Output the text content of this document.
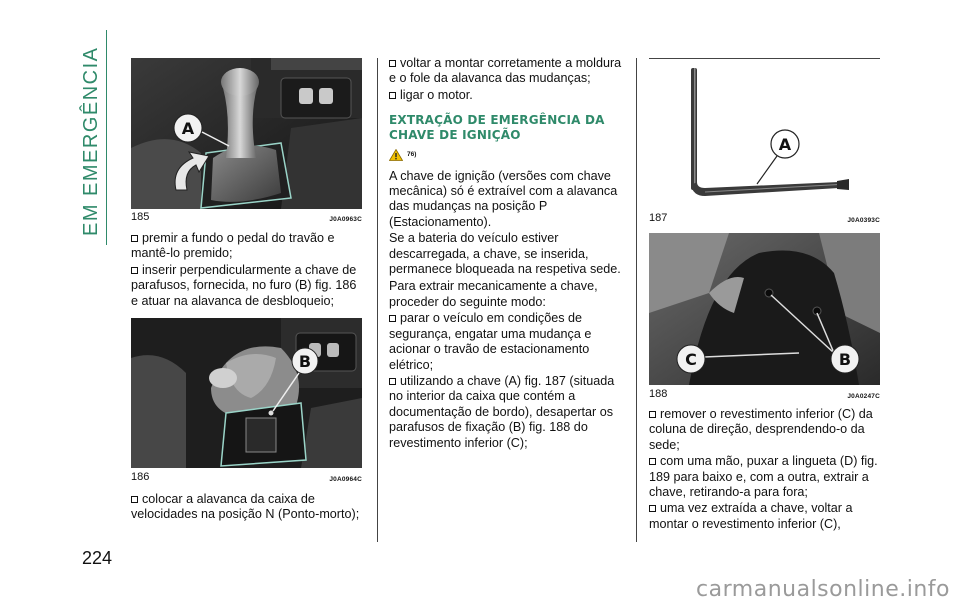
EM EMERGÊNCIA
224
A
185	J0A0963C

premir a fundo o pedal do travão e mantê-lo premido;

inserir perpendicularmente a chave de parafusos, fornecida, no furo (B) fig. 186 e atuar na alavanca de desbloqueio;

B
186	J0A0964C

colocar a alavanca da caixa de velocidades na posição N (Ponto-morto);

voltar a montar corretamente a moldura e o fole da alavanca das mudanças;

ligar o motor.

EXTRAÇÃO DE EMERGÊNCIA DA CHAVE DE IGNIÇÃO

76)

A chave de ignição (versões com chave mecânica) só é extraível com a alavanca das mudanças na posição P (Estacionamento).

Se a bateria do veículo estiver descarregada, a chave, se inserida, permanece bloqueada na respetiva sede.

Para extrair mecanicamente a chave, proceder do seguinte modo:

parar o veículo em condições de segurança, engatar uma mudança e acionar o travão de estacionamento elétrico;

utilizando a chave (A) fig. 187 (situada no interior da caixa que contém a documentação de bordo), desapertar os parafusos de fixação (B) fig. 188 do revestimento inferior (C);

A
187	J0A0393C
C	B
188	J0A0247C

remover o revestimento inferior (C) da coluna de direção, desprendendo-o da sede;

com uma mão, puxar a lingueta (D) fig. 189 para baixo e, com a outra, extrair a chave, retirando-a para fora;

uma vez extraída a chave, voltar a montar o revestimento inferior (C),

carmanualsonline.info
